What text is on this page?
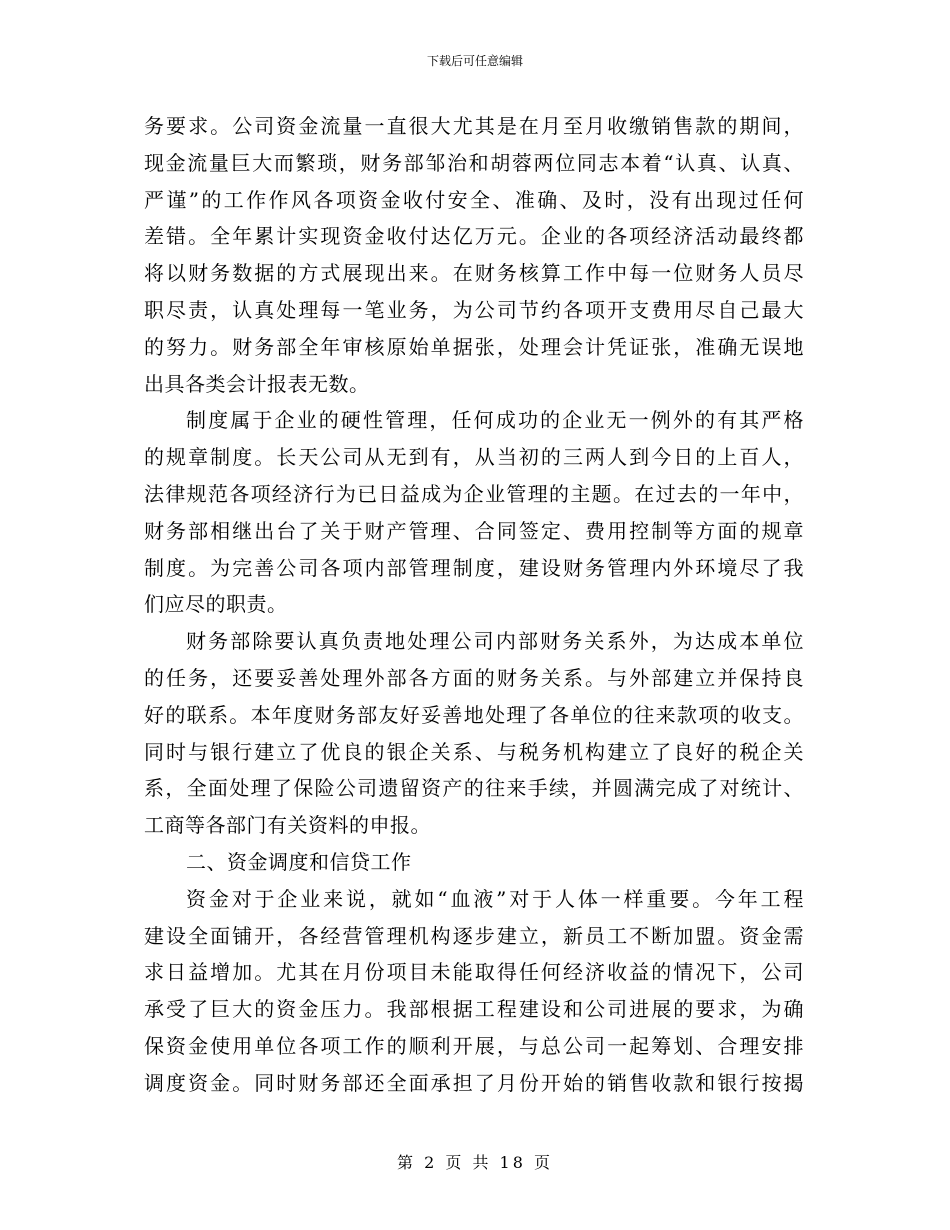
下载后可任意编辑
务要求。公司资金流量一直很大尤其是在月至月收缴销售款的期间，
现金流量巨大而繁琐，财务部邹治和胡蓉两位同志本着“认真、认真、
严谨”的工作作风各项资金收付安全、准确、及时，没有出现过任何
差错。全年累计实现资金收付达亿万元。企业的各项经济活动最终都
将以财务数据的方式展现出来。在财务核算工作中每一位财务人员尽
职尽责，认真处理每一笔业务，为公司节约各项开支费用尽自己最大
的努力。财务部全年审核原始单据张，处理会计凭证张，准确无误地
出具各类会计报表无数。
制度属于企业的硬性管理，任何成功的企业无一例外的有其严格
的规章制度。长天公司从无到有，从当初的三两人到今日的上百人，
法律规范各项经济行为已日益成为企业管理的主题。在过去的一年中，
财务部相继出台了关于财产管理、合同签定、费用控制等方面的规章
制度。为完善公司各项内部管理制度，建设财务管理内外环境尽了我
们应尽的职责。
财务部除要认真负责地处理公司内部财务关系外，为达成本单位
的任务，还要妥善处理外部各方面的财务关系。与外部建立并保持良
好的联系。本年度财务部友好妥善地处理了各单位的往来款项的收支。
同时与银行建立了优良的银企关系、与税务机构建立了良好的税企关
系，全面处理了保险公司遗留资产的往来手续，并圆满完成了对统计、
工商等各部门有关资料的申报。
二、资金调度和信贷工作
资金对于企业来说，就如“血液”对于人体一样重要。今年工程
建设全面铺开，各经营管理机构逐步建立，新员工不断加盟。资金需
求日益增加。尤其在月份项目未能取得任何经济收益的情况下，公司
承受了巨大的资金压力。我部根据工程建设和公司进展的要求，为确
保资金使用单位各项工作的顺利开展，与总公司一起筹划、合理安排
调度资金。同时财务部还全面承担了月份开始的销售收款和银行按揭
第 2 页 共 18 页
